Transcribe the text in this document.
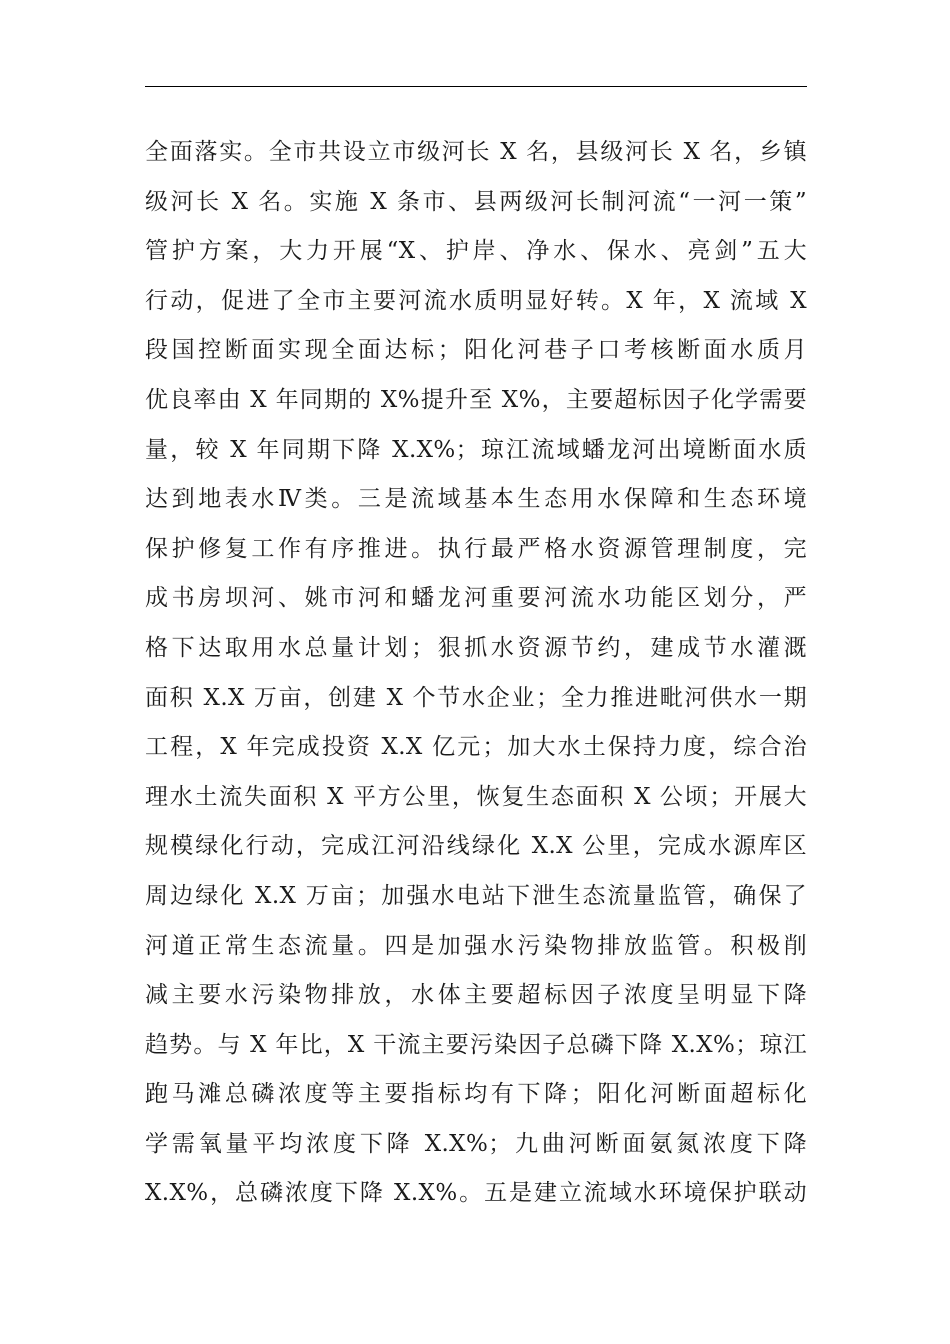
全面落实。全市共设立市级河长 X 名，县级河长 X 名，乡镇
级河长 X 名。实施 X 条市、县两级河长制河流“一河一策”
管护方案，大力开展“X、护岸、净水、保水、亮剑”五大
行动，促进了全市主要河流水质明显好转。X 年，X 流域 X
段国控断面实现全面达标；阳化河巷子口考核断面水质月
优良率由 X 年同期的 X%提升至 X%，主要超标因子化学需要
量，较 X 年同期下降 X.X%；琼江流域蟠龙河出境断面水质
达到地表水Ⅳ类。三是流域基本生态用水保障和生态环境
保护修复工作有序推进。执行最严格水资源管理制度，完
成书房坝河、姚市河和蟠龙河重要河流水功能区划分，严
格下达取用水总量计划；狠抓水资源节约，建成节水灌溉
面积 X.X 万亩，创建 X 个节水企业；全力推进毗河供水一期
工程，X 年完成投资 X.X 亿元；加大水土保持力度，综合治
理水土流失面积 X 平方公里，恢复生态面积 X 公顷；开展大
规模绿化行动，完成江河沿线绿化 X.X 公里，完成水源库区
周边绿化 X.X 万亩；加强水电站下泄生态流量监管，确保了
河道正常生态流量。四是加强水污染物排放监管。积极削
减主要水污染物排放，水体主要超标因子浓度呈明显下降
趋势。与 X 年比，X 干流主要污染因子总磷下降 X.X%；琼江
跑马滩总磷浓度等主要指标均有下降；阳化河断面超标化
学需氧量平均浓度下降 X.X%；九曲河断面氨氮浓度下降
X.X%，总磷浓度下降 X.X%。五是建立流域水环境保护联动
